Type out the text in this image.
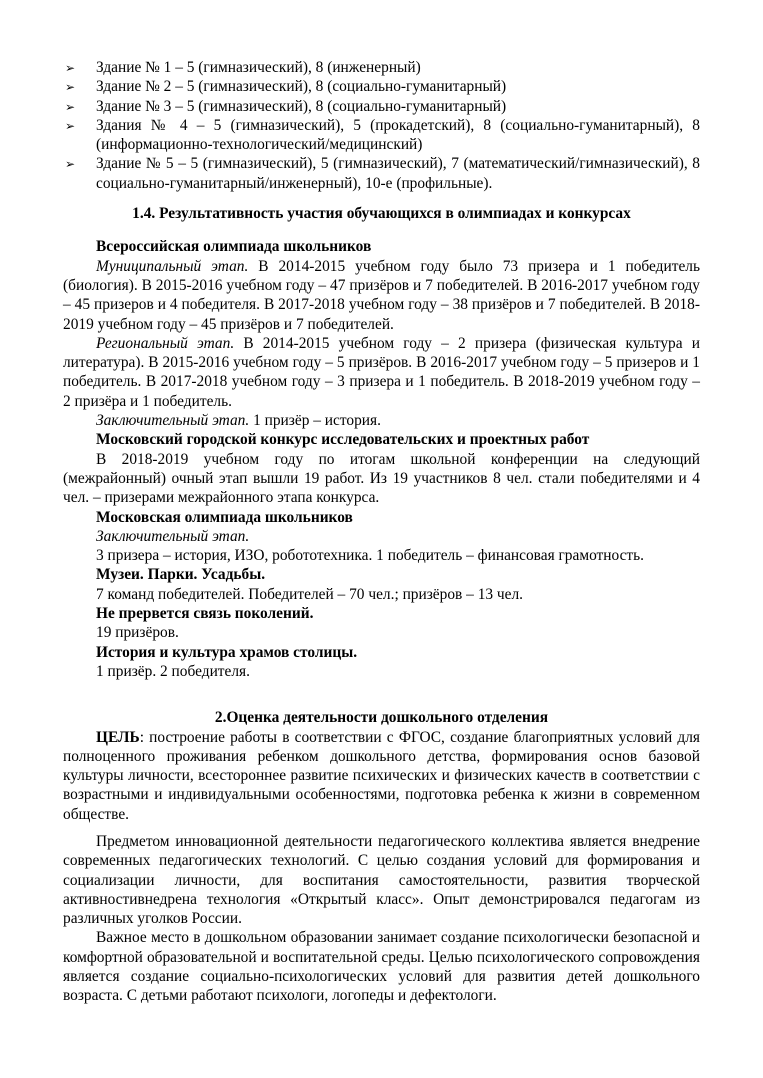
➢ Здание № 1 – 5 (гимназический), 8 (инженерный)
➢ Здание № 2 – 5 (гимназический), 8 (социально-гуманитарный)
➢ Здание № 3 – 5 (гимназический), 8 (социально-гуманитарный)
➢ Здания № 4 – 5 (гимназический), 5 (прокадетский), 8 (социально-гуманитарный), 8 (информационно-технологический/медицинский)
➢ Здание № 5 – 5 (гимназический), 5 (гимназический), 7 (математический/гимназический), 8 социально-гуманитарный/инженерный), 10-е (профильные).

1.4. Результативность участия обучающихся в олимпиадах и конкурсах

Всероссийская олимпиада школьников

Муниципальный этап. В 2014-2015 учебном году было 73 призера и 1 победитель (биология). В 2015-2016 учебном году – 47 призёров и 7 победителей. В 2016-2017 учебном году – 45 призеров и 4 победителя. В 2017-2018 учебном году – 38 призёров и 7 победителей. В 2018-2019 учебном году – 45 призёров и 7 победителей.

Региональный этап. В 2014-2015 учебном году – 2 призера (физическая культура и литература). В 2015-2016 учебном году – 5 призёров. В 2016-2017 учебном году – 5 призеров и 1 победитель. В 2017-2018 учебном году – 3 призера и 1 победитель. В 2018-2019 учебном году – 2 призёра и 1 победитель.

Заключительный этап. 1 призёр – история.

Московский городской конкурс исследовательских и проектных работ

В 2018-2019 учебном году по итогам школьной конференции на следующий (межрайонный) очный этап вышли 19 работ. Из 19 участников 8 чел. стали победителями и 4 чел. – призерами межрайонного этапа конкурса.

Московская олимпиада школьников

Заключительный этап.

3 призера – история, ИЗО, робототехника. 1 победитель – финансовая грамотность.

Музеи. Парки. Усадьбы.

7 команд победителей. Победителей – 70 чел.; призёров – 13 чел.

Не прервется связь поколений.

19 призёров.

История и культура храмов столицы.

1 призёр. 2 победителя.

2.Оценка деятельности дошкольного отделения

ЦЕЛЬ: построение работы в соответствии с ФГОС, создание благоприятных условий для полноценного проживания ребенком дошкольного детства, формирования основ базовой культуры личности, всестороннее развитие психических и физических качеств в соответствии с возрастными и индивидуальными особенностями, подготовка ребенка к жизни в современном обществе.

Предметом инновационной деятельности педагогического коллектива является внедрение современных педагогических технологий. С целью создания условий для формирования и социализации личности, для воспитания самостоятельности, развития творческой активностивнедрена технология «Открытый класс». Опыт демонстрировался педагогам из различных уголков России.

Важное место в дошкольном образовании занимает создание психологически безопасной и комфортной образовательной и воспитательной среды. Целью психологического сопровождения является создание социально-психологических условий для развития детей дошкольного возраста. С детьми работают психологи, логопеды и дефектологи.
